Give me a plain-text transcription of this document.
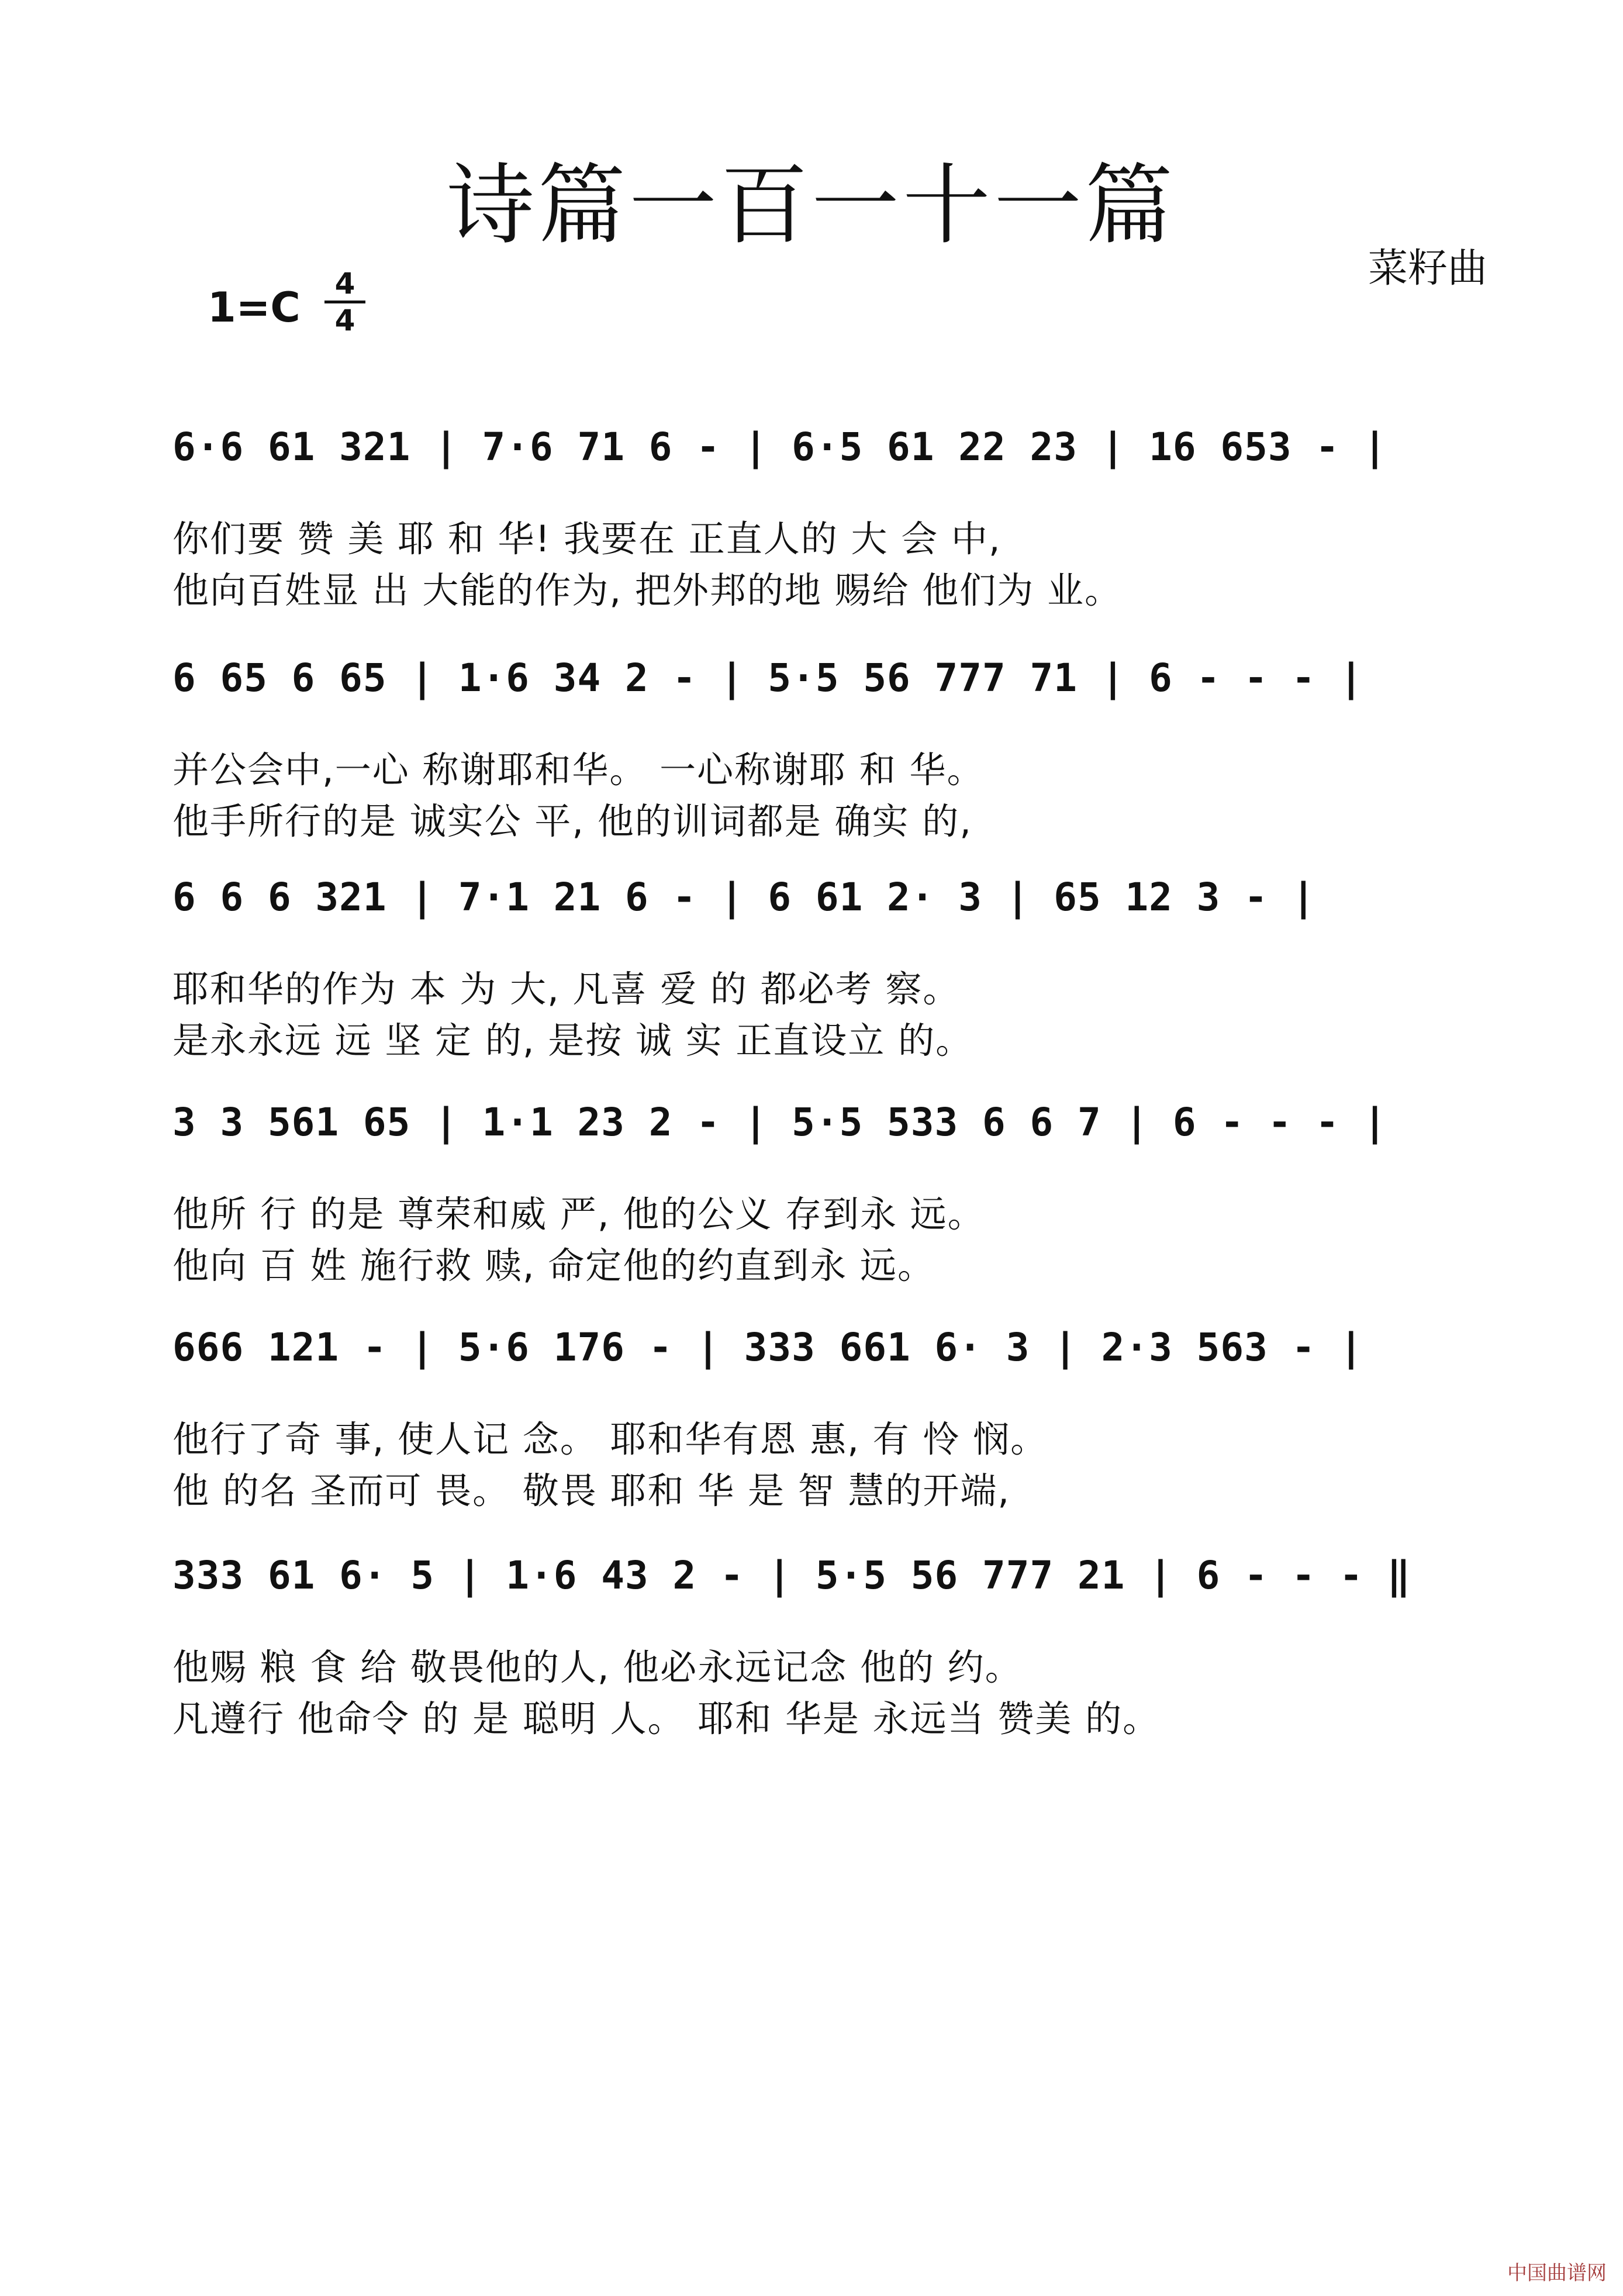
诗篇一百一十一篇
菜籽曲
1=C	4
4
6·6 61 321 | 7·6 71 6 - | 6·5 61 22 23 | 16 653 - |
你们要 赞 美 耶 和 华! 我要在 正直人的 大 会 中,
他向百姓显 出 大能的作为, 把外邦的地 赐给 他们为 业。
6 65 6 65 | 1·6 34 2 - | 5·5 56 777 71 | 6 - - - |
并公会中,一心 称谢耶和华。 一心称谢耶 和 华。
他手所行的是 诚实公 平, 他的训词都是 确实 的,
6 6 6 321 | 7·1 21 6 - | 6 61 2· 3 | 65 12 3 - |
耶和华的作为 本 为 大, 凡喜 爱 的 都必考 察。
是永永远 远 坚 定 的, 是按 诚 实 正直设立 的。
3 3 561 65 | 1·1 23 2 - | 5·5 533 6 6 7 | 6 - - - |
他所 行 的是 尊荣和威 严, 他的公义 存到永 远。
他向 百 姓 施行救 赎, 命定他的约直到永 远。
666 121 - | 5·6 176 - | 333 661 6· 3 | 2·3 563 - |
他行了奇 事, 使人记 念。 耶和华有恩 惠, 有 怜 悯。
他 的名 圣而可 畏。 敬畏 耶和 华 是 智 慧的开端,
333 61 6· 5 | 1·6 43 2 - | 5·5 56 777 21 | 6 - - - ‖
他赐 粮 食 给 敬畏他的人, 他必永远记念 他的 约。
凡遵行 他命令 的 是 聪明 人。 耶和 华是 永远当 赞美 的。
中国曲谱网
